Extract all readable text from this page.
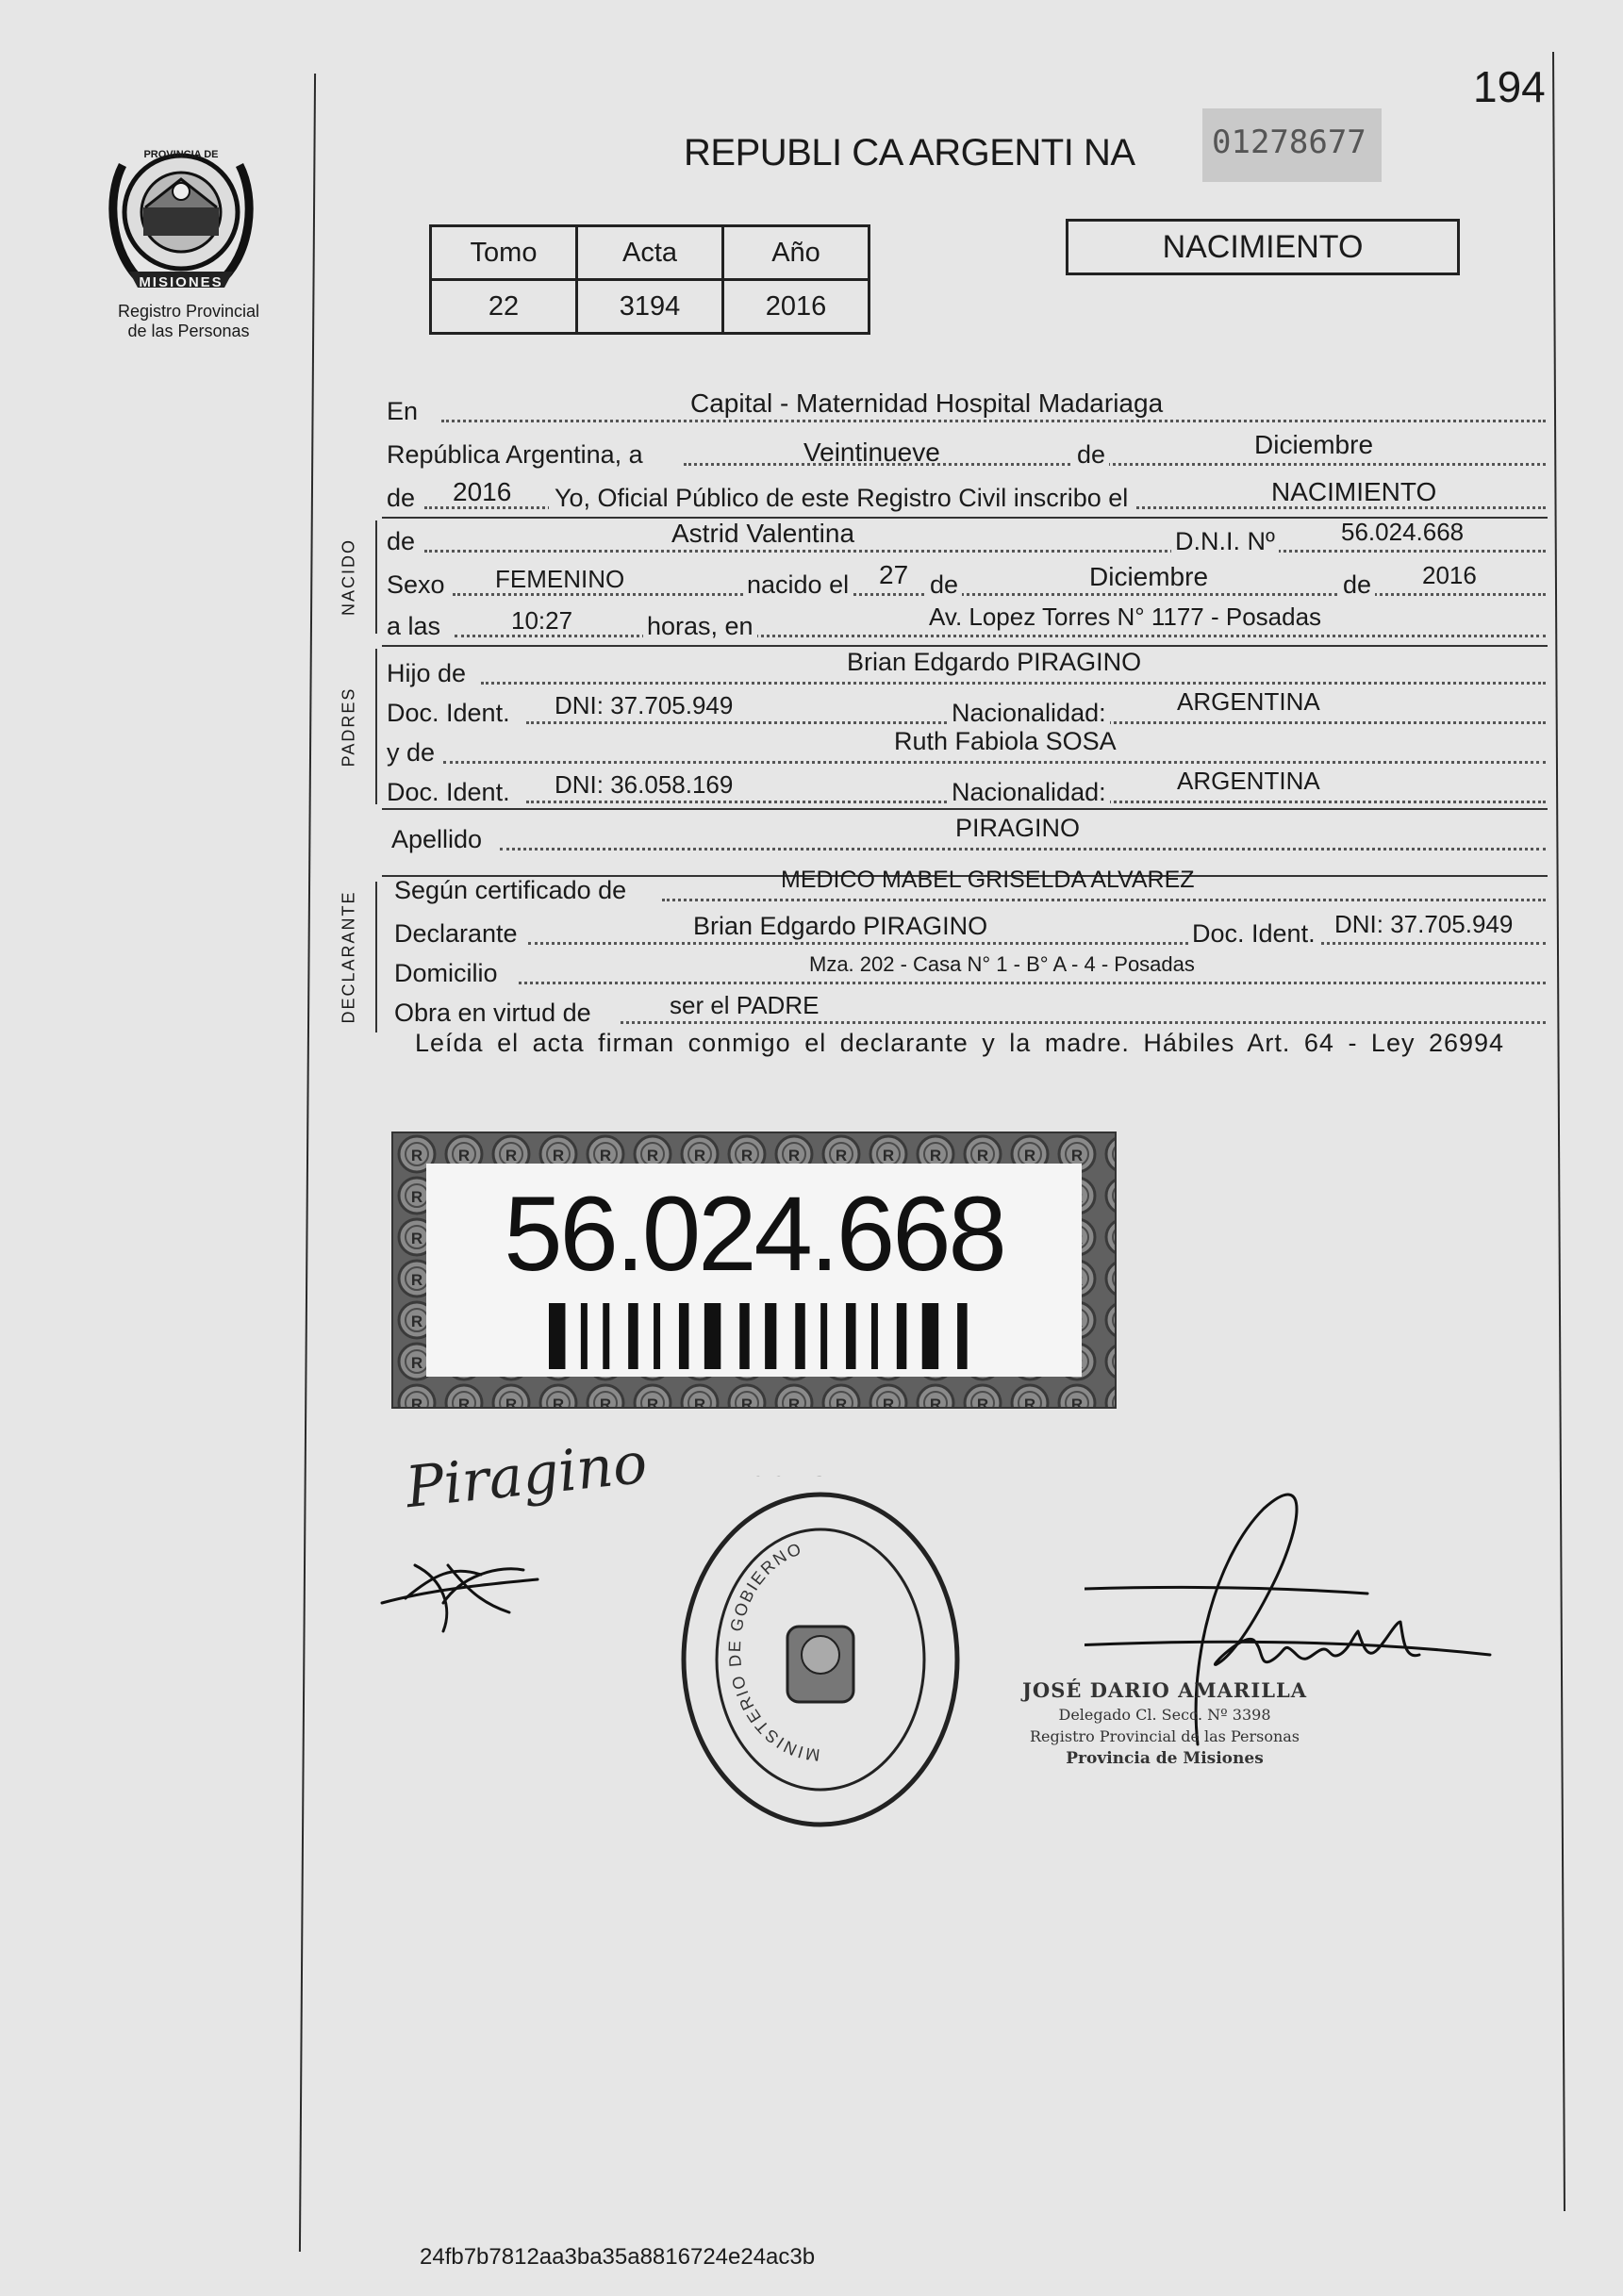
194
PROVINCIA DE
MISIONES
Registro Provincial
de las Personas
REPUBLI CA ARGENTI NA 01278677
Tomo	Acta	Año
22	3194	2016
NACIMIENTO
En	Capital - Maternidad Hospital Madariaga
República Argentina, a	Veintinueve	de	Diciembre
de 2016 Yo, Oficial Público de este Registro Civil inscribo el	NACIMIENTO
NACIDO de	Astrid Valentina	D.N.I. Nº	56.024.668
Sexo FEMENINO	nacido el 27 de	Diciembre	de 2016
a las	10:27	horas, en	Av. Lopez Torres N° 1177 - Posadas
PADRES
Hijo de	Brian Edgardo PIRAGINO
Doc. Ident. DNI: 37.705.949	Nacionalidad:	ARGENTINA
y de	Ruth Fabiola SOSA
Doc. Ident. DNI: 36.058.169	Nacionalidad:	ARGENTINA
Apellido	PIRAGINO
DECLARANTE
Según certificado de	MEDICO MABEL GRISELDA ALVAREZ
Declarante	Brian Edgardo PIRAGINO	Doc. Ident. DNI: 37.705.949
Domicilio	Mza. 202 - Casa N° 1 - B° A - 4 - Posadas
Obra en virtud de	ser el PADRE
Leída el acta firman conmigo el declarante y la madre. Hábiles Art. 64 - Ley 26994
56.024.668
Piragino
MINISTERIO DE GOBIERNO
JOSÉ DARIO AMARILLA
Delegado Cl. Secc. Nº 3398
Registro Provincial de las Personas
Provincia de Misiones
24fb7b7812aa3ba35a8816724e24ac3b
